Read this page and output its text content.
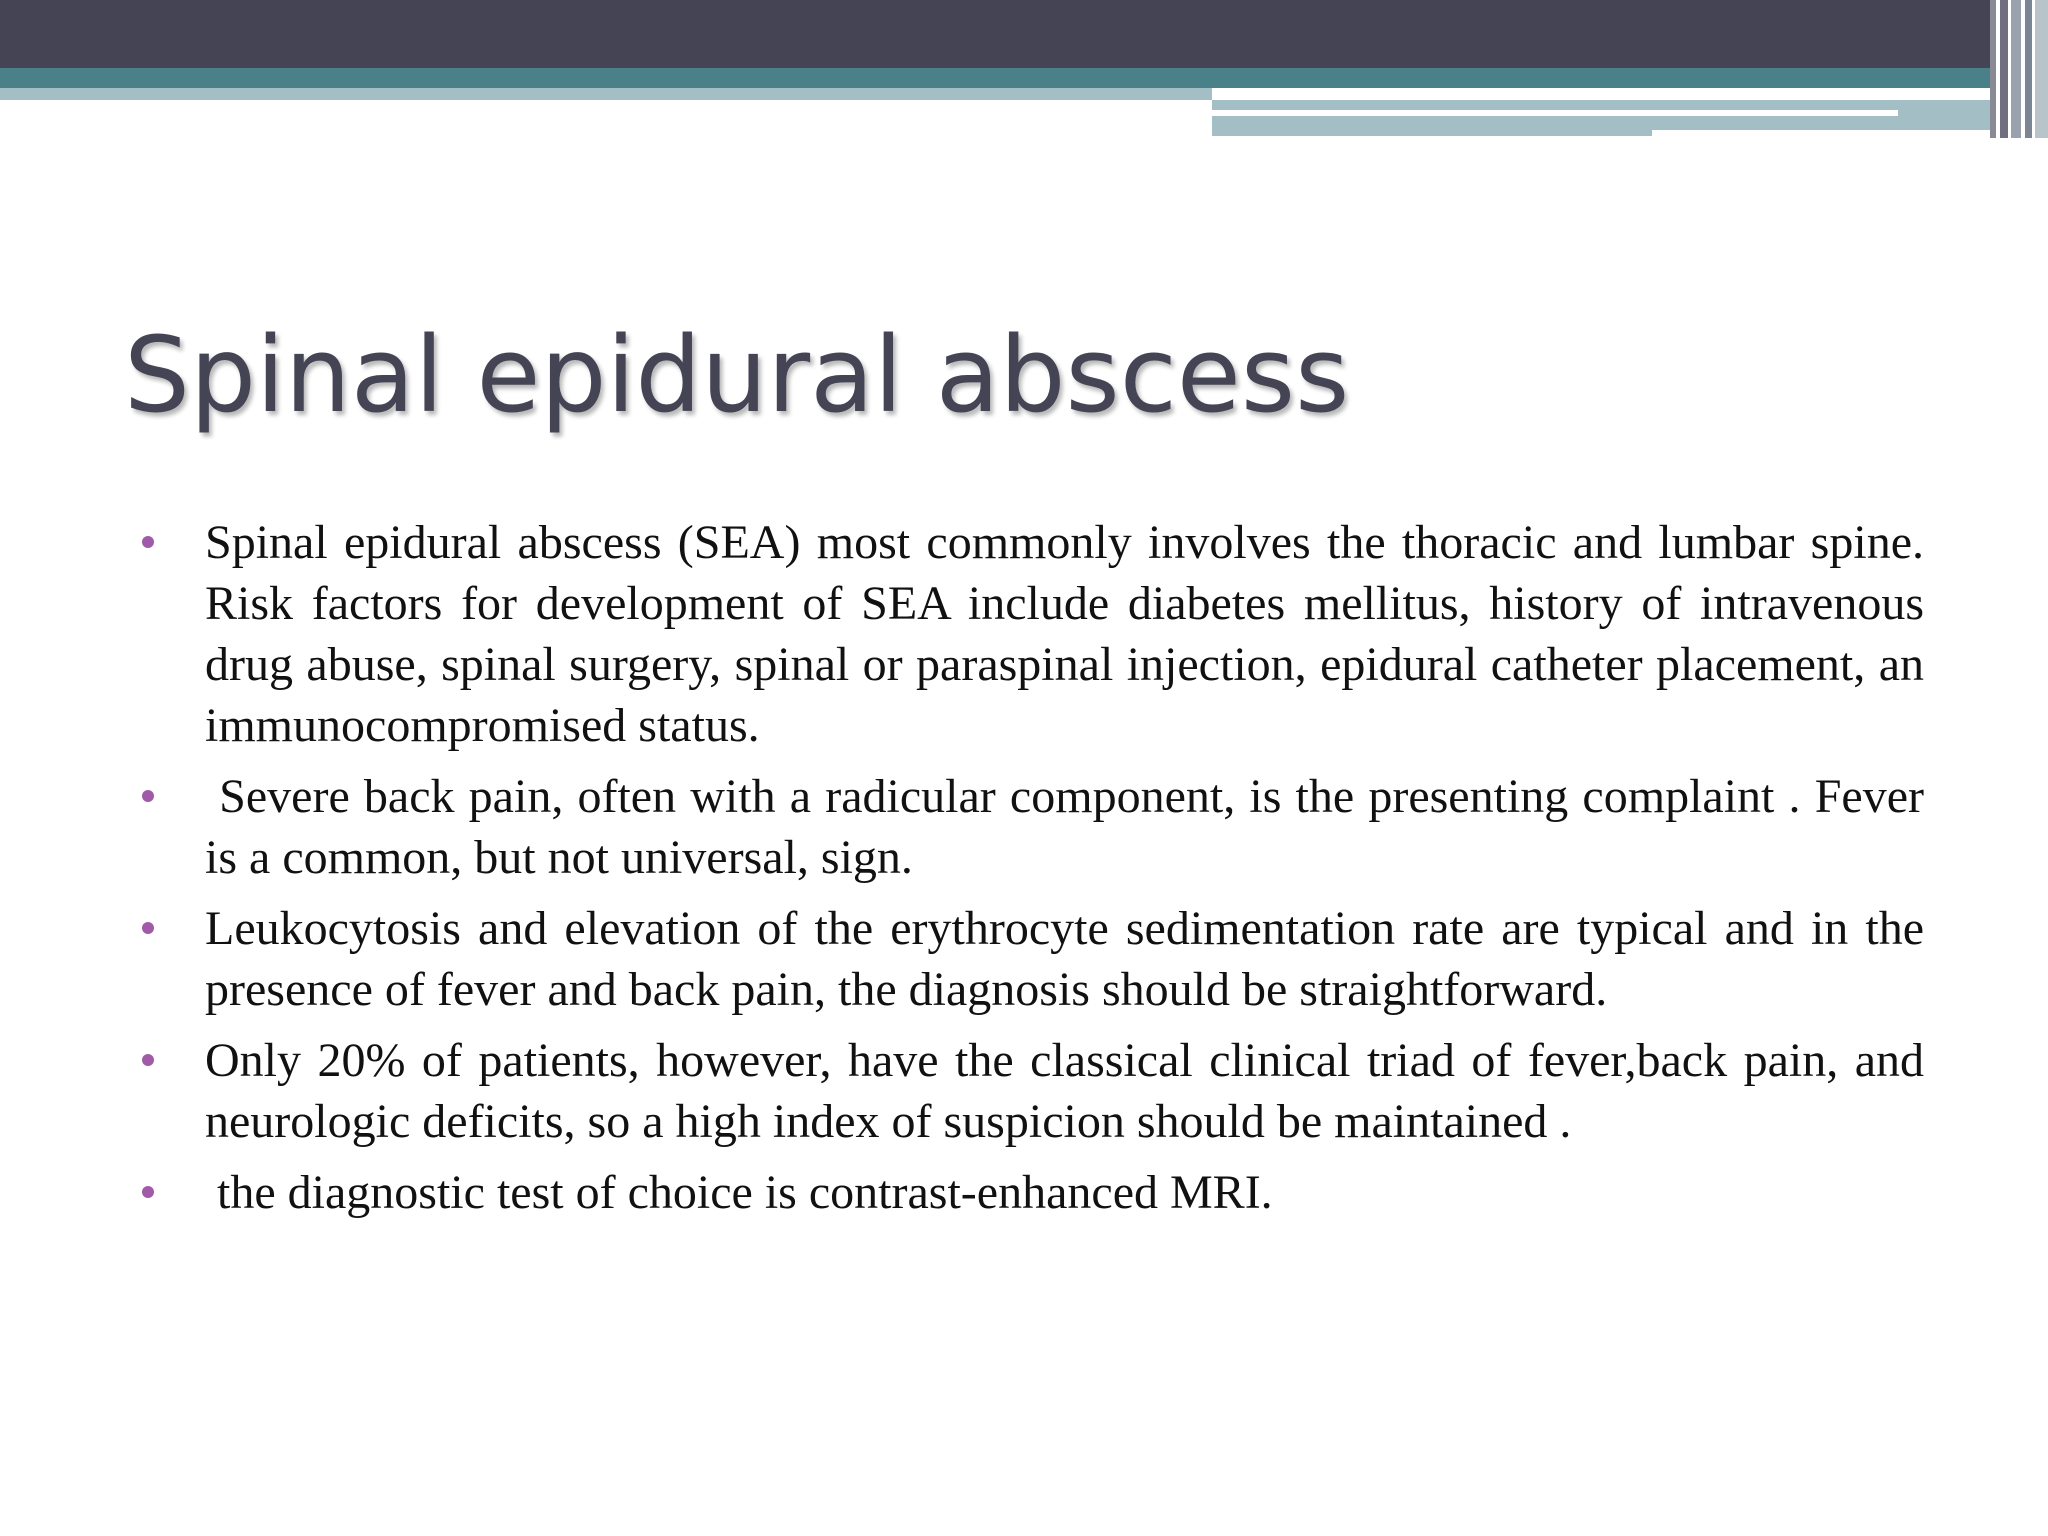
Spinal epidural abscess
Spinal epidural abscess (SEA) most commonly involves the thoracic and lumbar spine. Risk factors for development of SEA include diabetes mellitus, history of intravenous drug abuse, spinal surgery, spinal or paraspinal injection, epidural catheter placement, an immunocompromised status.
Severe back pain, often with a radicular component, is the presenting complaint . Fever is a common, but not universal, sign.
Leukocytosis and elevation of the erythrocyte sedimentation rate are typical and in the presence of fever and back pain, the diagnosis should be straightforward.
Only 20% of patients, however, have the classical clinical triad of fever,back pain, and neurologic deficits, so a high index of suspicion should be maintained .
the diagnostic test of choice is contrast-enhanced MRI.
